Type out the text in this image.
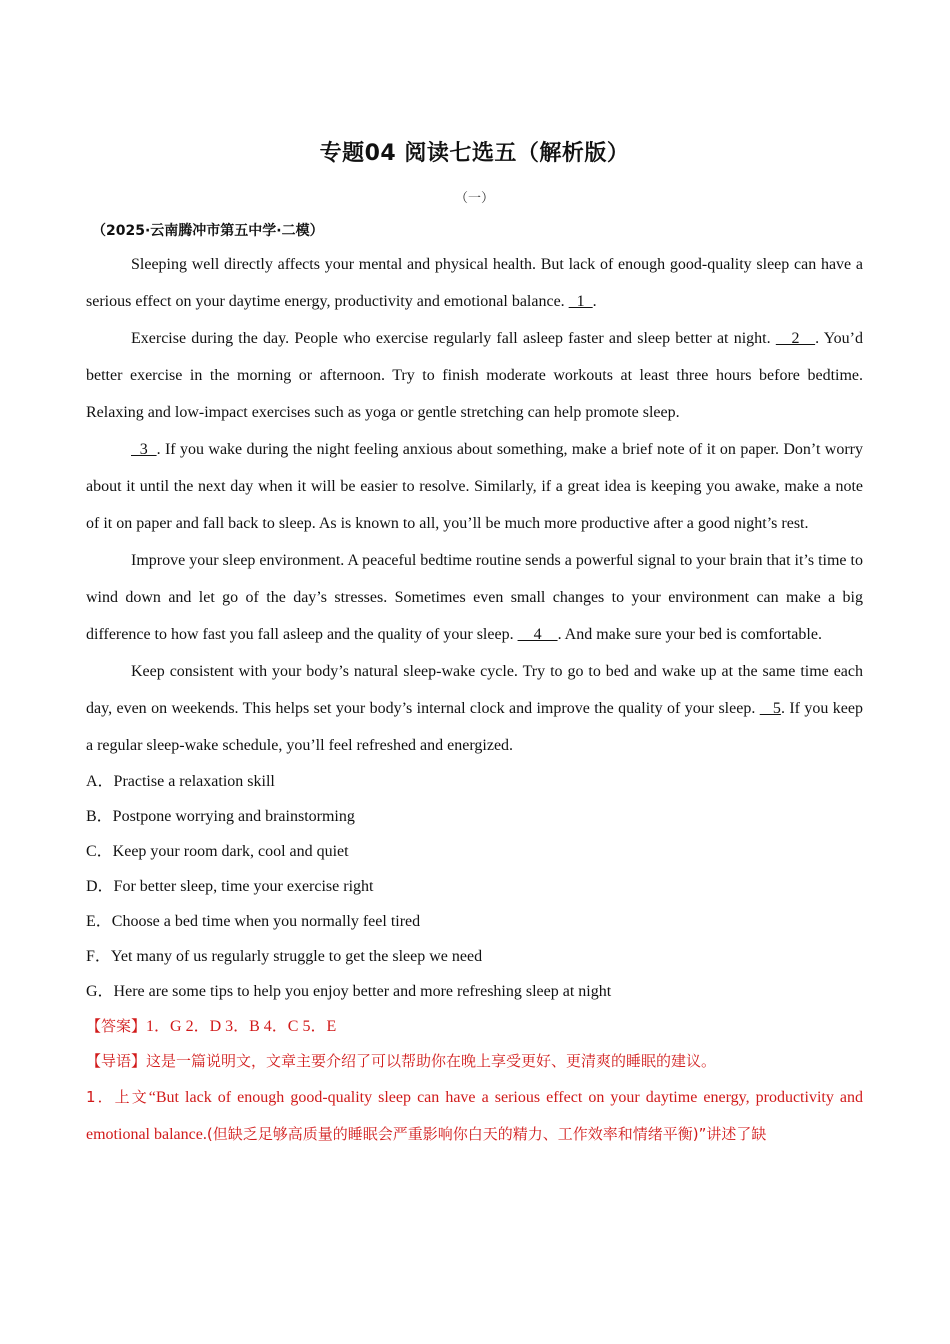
专题04 阅读七选五（解析版）
（一）
（2025·云南腾冲市第五中学·二模）

Sleeping well directly affects your mental and physical health. But lack of enough good-quality sleep can have a serious effect on your daytime energy, productivity and emotional balance.   1  .

Exercise during the day. People who exercise regularly fall asleep faster and sleep better at night.    2   . You’d better exercise in the morning or afternoon. Try to finish moderate workouts at least three hours before bedtime. Relaxing and low-impact exercises such as yoga or gentle stretching can help promote sleep.

3  . If you wake during the night feeling anxious about something, make a brief note of it on paper. Don’t worry about it until the next day when it will be easier to resolve. Similarly, if a great idea is keeping you awake, make a note of it on paper and fall back to sleep. As is known to all, you’ll be much more productive after a good night’s rest.

Improve your sleep environment. A peaceful bedtime routine sends a powerful signal to your brain that it’s time to wind down and let go of the day’s stresses. Sometimes even small changes to your environment can make a big difference to how fast you fall asleep and the quality of your sleep.     4    . And make sure your bed is comfortable.

Keep consistent with your body’s natural sleep-wake cycle. Try to go to bed and wake up at the same time each day, even on weekends. This helps set your body’s internal clock and improve the quality of your sleep.    5. If you keep a regular sleep-wake schedule, you’ll feel refreshed and energized.

A．Practise a relaxation skill
B．Postpone worrying and brainstorming
C．Keep your room dark, cool and quiet
D．For better sleep, time your exercise right
E．Choose a bed time when you normally feel tired
F．Yet many of us regularly struggle to get the sleep we need
G．Here are some tips to help you enjoy better and more refreshing sleep at night
【答案】1．G 2．D 3．B 4．C 5．E
【导语】这是一篇说明文，文章主要介绍了可以帮助你在晚上享受更好、更清爽的睡眠的建议。
1．上文“But lack of enough good-quality sleep can have a serious effect on your daytime energy, productivity and emotional balance.(但缺乏足够高质量的睡眠会严重影响你白天的精力、工作效率和情绪平衡)”讲述了缺
